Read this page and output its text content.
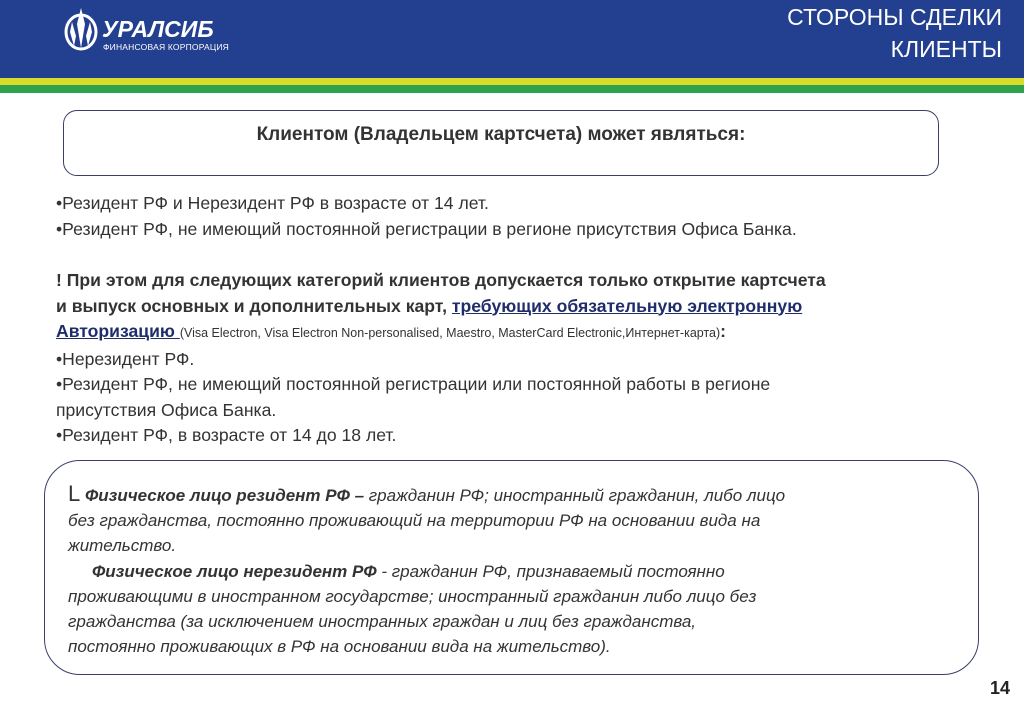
УРАЛСИБ
ФИНАНСОВАЯ КОРПОРАЦИЯ
СТОРОНЫ СДЕЛКИ
КЛИЕНТЫ
Клиентом (Владельцем картсчета) может являться:
•Резидент РФ и Нерезидент РФ в возрасте от 14 лет.
•Резидент РФ, не имеющий постоянной регистрации в регионе присутствия Офиса Банка.
! При этом для следующих категорий клиентов допускается только открытие картсчета
и выпуск основных и дополнительных карт, требующих обязательную электронную
Авторизацию (Visa Electron, Visa Electron Non-personalised, Maestro, MasterCard Electronic,Интернет-карта):
•Нерезидент РФ.
•Резидент РФ, не имеющий постоянной регистрации или постоянной работы в регионе
присутствия Офиса Банка.
•Резидент РФ, в возрасте от 14 до 18 лет.
L Физическое лицо резидент РФ – гражданин РФ; иностранный гражданин, либо лицо
без гражданства, постоянно проживающий на территории РФ на основании вида на
жительство.
Физическое лицо нерезидент РФ - гражданин РФ, признаваемый постоянно
проживающими в иностранном государстве; иностранный гражданин либо лицо без
гражданства (за исключением иностранных граждан и лиц без гражданства,
постоянно проживающих в РФ на основании вида на жительство).
14
